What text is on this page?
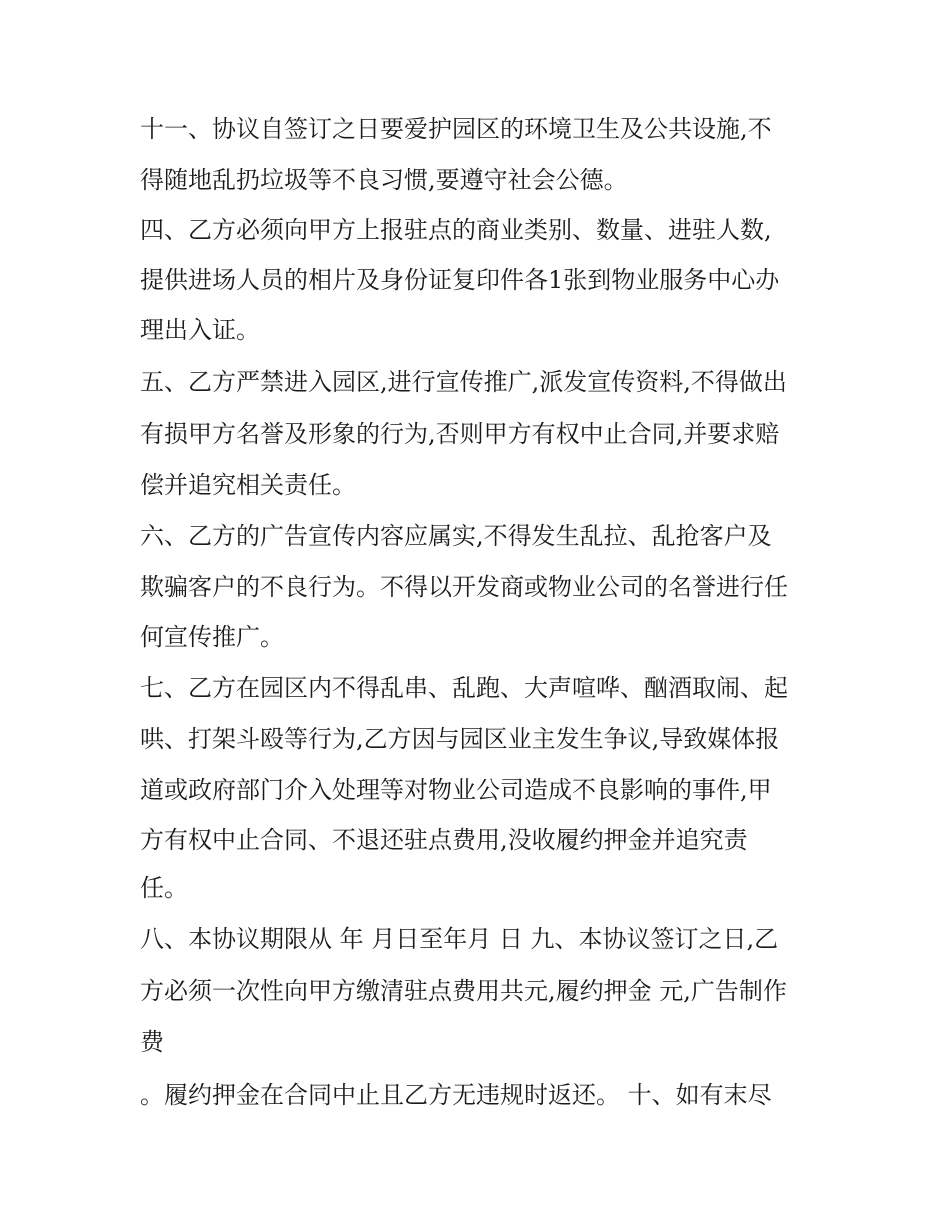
十一、协议自签订之日要爱护园区的环境卫生及公共设施,不

得随地乱扔垃圾等不良习惯,要遵守社会公德。

四、乙方必须向甲方上报驻点的商业类别、数量、进驻人数,

提供进场人员的相片及身份证复印件各1张到物业服务中心办

理出入证。

五、乙方严禁进入园区,进行宣传推广,派发宣传资料,不得做出

有损甲方名誉及形象的行为,否则甲方有权中止合同,并要求赔

偿并追究相关责任。

六、乙方的广告宣传内容应属实,不得发生乱拉、乱抢客户及

欺骗客户的不良行为。不得以开发商或物业公司的名誉进行任

何宣传推广。

七、乙方在园区内不得乱串、乱跑、大声喧哗、酗酒取闹、起

哄、打架斗殴等行为,乙方因与园区业主发生争议,导致媒体报

道或政府部门介入处理等对物业公司造成不良影响的事件,甲

方有权中止合同、不退还驻点费用,没收履约押金并追究责

任。

八、本协议期限从 年 月日至年月 日 九、本协议签订之日,乙

方必须一次性向甲方缴清驻点费用共元,履约押金 元,广告制作

费

。履约押金在合同中止且乙方无违规时返还。 十、如有末尽
